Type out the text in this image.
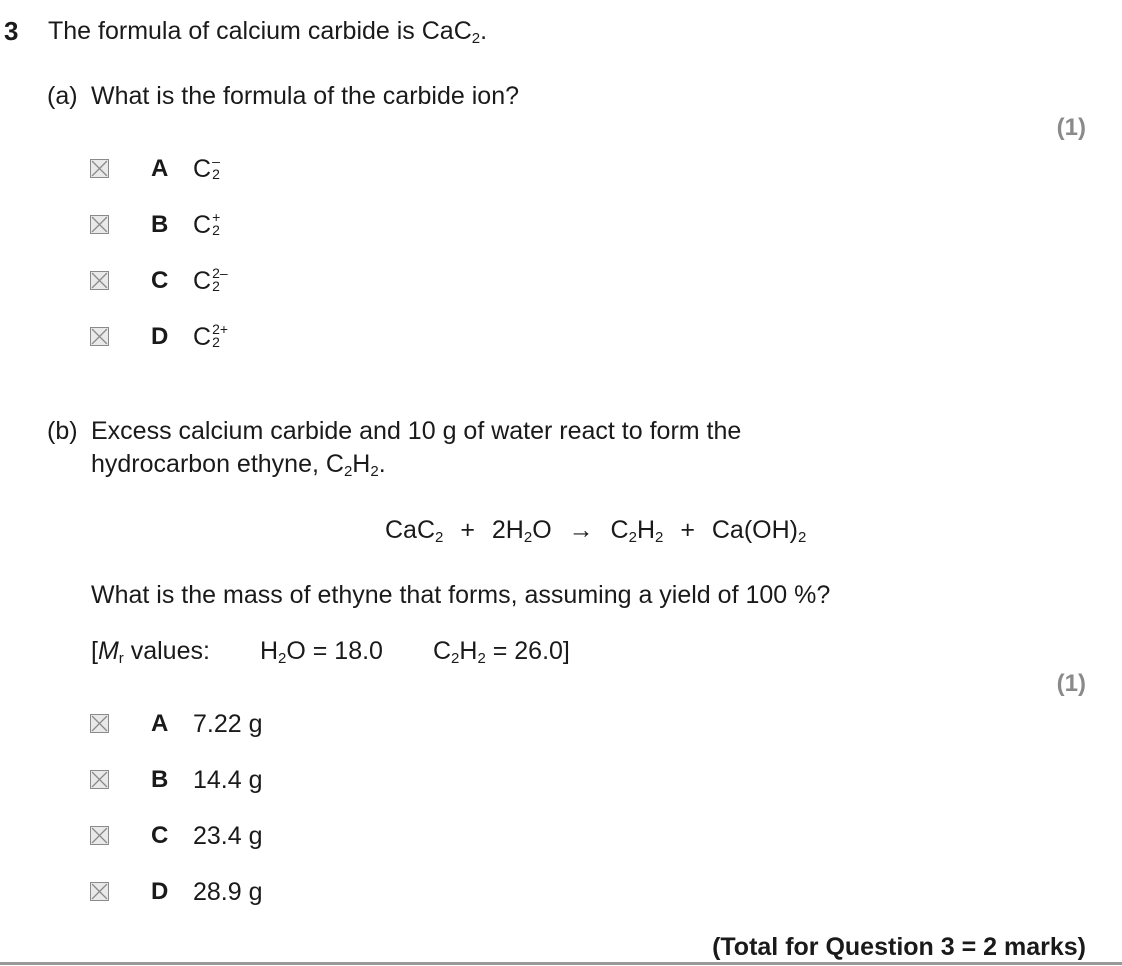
3 The formula of calcium carbide is CaC$_2$.
(a) What is the formula of the carbide ion?
(1)
A C –
2
B C +
2
C C 2–
2
D C 2+
2
(b) Excess calcium carbide and 10 g of water react to form the
hydrocarbon ethyne, $C_2H_2$.
$CaC_2 + 2H_2O \to C_2H_2 + Ca(OH)_2$
What is the mass of ethyne that forms, assuming a yield of 100 %?
[$M_r$ values: $H_2O = 18.0$ $C_2H_2 = 26.0$]
(1)
A 7.22 g
B 14.4 g
C 23.4 g
D 28.9 g
(Total for Question 3 = 2 marks)
